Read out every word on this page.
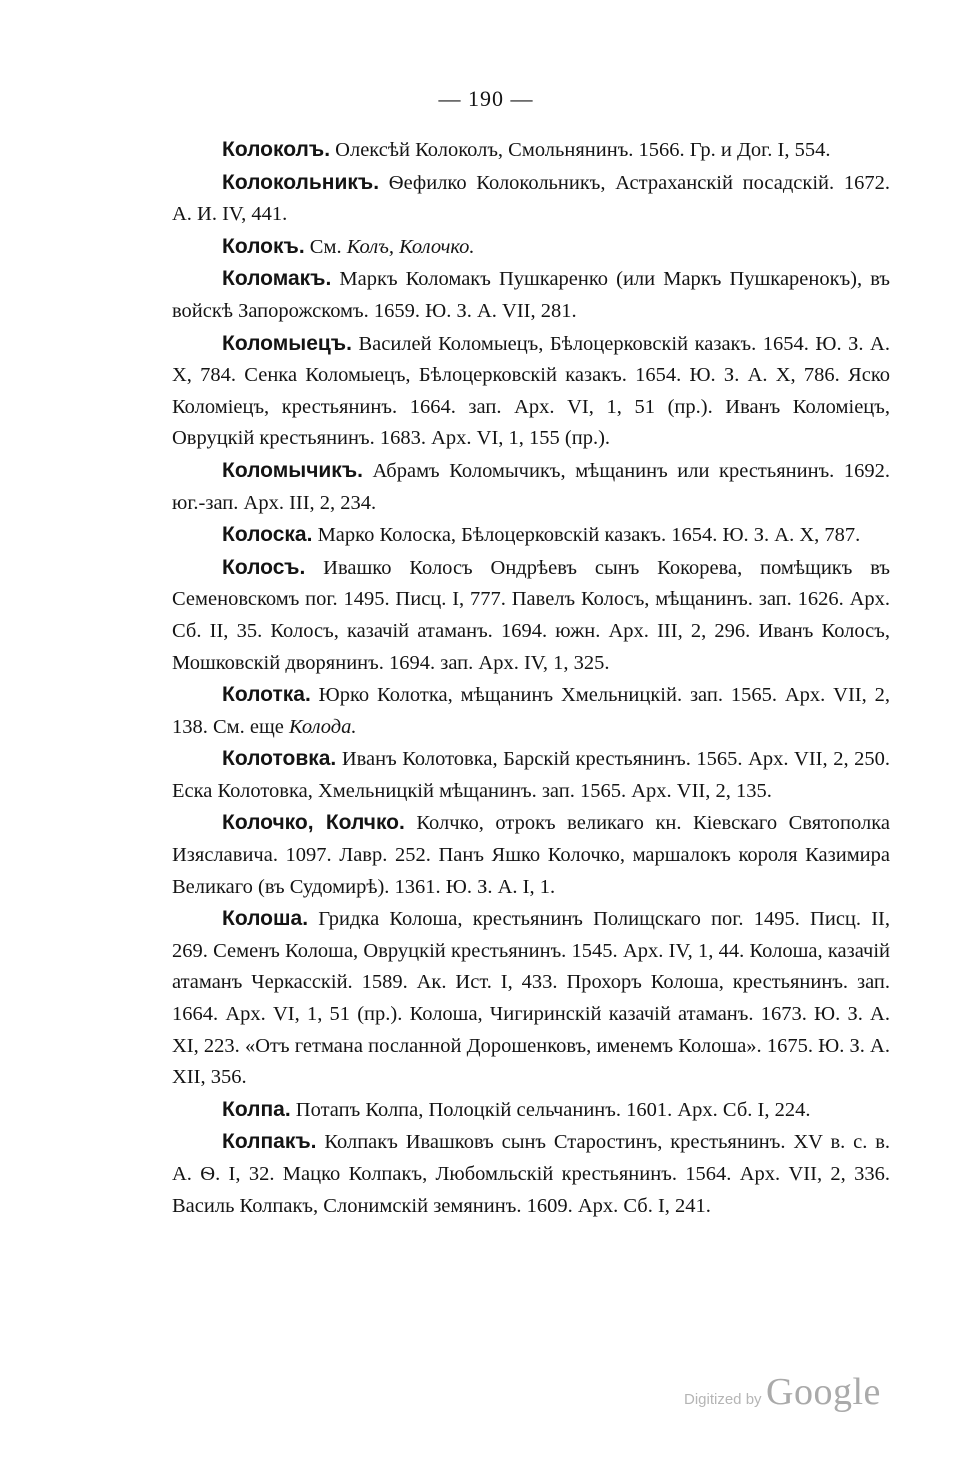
— 190 —

Колоколъ. Олексѣй Колоколъ, Смольнянинъ. 1566. Гр. и Дог. I, 554.

Колокольникъ. Ѳефилко Колокольникъ, Астраханскій посадскій. 1672. А. И. IV, 441.

Колокъ. См. Колъ, Колочко.

Коломакъ. Маркъ Коломакъ Пушкаренко (или Маркъ Пушкаренокъ), въ войскѣ Запорожскомъ. 1659. Ю. З. А. VII, 281.

Коломыецъ. Василей Коломыецъ, Бѣлоцерковскій казакъ. 1654. Ю. З. А. X, 784. Сенка Коломыецъ, Бѣлоцерковскій казакъ. 1654. Ю. З. А. X, 786. Яско Коломіецъ, крестьянинъ. 1664. зап. Арх. VI, 1, 51 (пр.). Иванъ Коломіецъ, Овруцкій крестьянинъ. 1683. Арх. VI, 1, 155 (пр.).

Коломычикъ. Абрамъ Коломычикъ, мѣщанинъ или крестьянинъ. 1692. юг.-зап. Арх. III, 2, 234.

Колоска. Марко Колоска, Бѣлоцерковскій казакъ. 1654. Ю. З. А. X, 787.

Колосъ. Ивашко Колосъ Ондрѣевъ сынъ Кокорева, помѣщикъ въ Семеновскомъ пог. 1495. Писц. I, 777. Павелъ Колосъ, мѣщанинъ. зап. 1626. Арх. Сб. II, 35. Колосъ, казачій атаманъ. 1694. южн. Арх. III, 2, 296. Иванъ Колосъ, Мошковскій дворянинъ. 1694. зап. Арх. IV, 1, 325.

Колотка. Юрко Колотка, мѣщанинъ Хмельницкій. зап. 1565. Арх. VII, 2, 138. См. еще Колода.

Колотовка. Иванъ Колотовка, Барскій крестьянинъ. 1565. Арх. VII, 2, 250. Еска Колотовка, Хмельницкій мѣщанинъ. зап. 1565. Арх. VII, 2, 135.

Колочко, Колчко. Колчко, отрокъ великаго кн. Кіевскаго Святополка Изяславича. 1097. Лавр. 252. Панъ Яшко Колочко, маршалокъ короля Казимира Великаго (въ Судомирѣ). 1361. Ю. З. А. I, 1.

Колоша. Гридка Колоша, крестьянинъ Полищскаго пог. 1495. Писц. II, 269. Семенъ Колоша, Овруцкій крестьянинъ. 1545. Арх. IV, 1, 44. Колоша, казачій атаманъ Черкасскій. 1589. Ак. Ист. I, 433. Прохоръ Колоша, крестьянинъ. зап. 1664. Арх. VI, 1, 51 (пр.). Колоша, Чигиринскій казачій атаманъ. 1673. Ю. З. А. XI, 223. «Отъ гетмана посланной Дорошенковъ, именемъ Колоша». 1675. Ю. З. А. XII, 356.

Колпа. Потапъ Колпа, Полоцкій сельчанинъ. 1601. Арх. Сб. I, 224.

Колпакъ. Колпакъ Ивашковъ сынъ Старостинъ, крестьянинъ. XV в. с. в. А. Ѳ. I, 32. Мацко Колпакъ, Любомльскій крестьянинъ. 1564. Арх. VII, 2, 336. Василь Колпакъ, Слонимскій земянинъ. 1609. Арх. Сб. I, 241.

Digitized by Google
